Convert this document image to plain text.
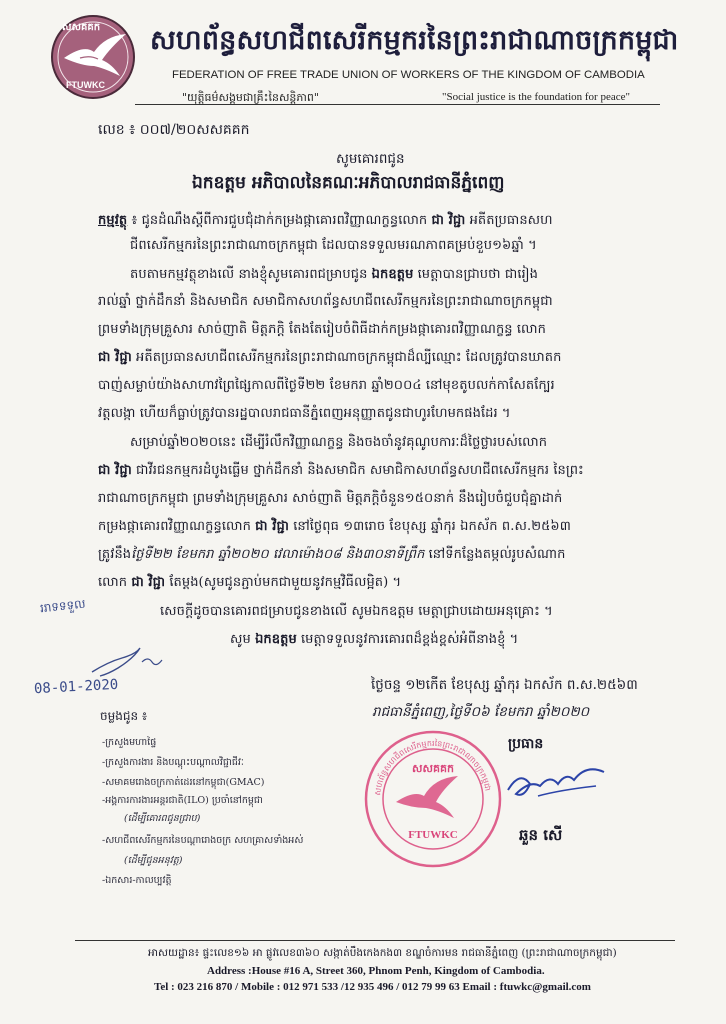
សសគគក
FTUWKC
សហព័ន្ធសហជីពសេរីកម្មករនៃព្រះរាជាណាចក្រកម្ពុជា
FEDERATION OF FREE TRADE UNION OF WORKERS OF THE KINGDOM OF CAMBODIA
"យុត្តិធម៌សង្គមជាគ្រឹះនៃសន្តិភាព"	"Social justice is the foundation for peace"
លេខ ៖ ០០៧/២០សសគគក
សូមគោរពជូន
ឯកឧត្តម អភិបាលនៃគណៈអភិបាលរាជធានីភ្នំពេញ
កម្មវត្ថុ ៖ ជូនដំណឹងស្តីពីការជួបជុំដាក់កម្រងផ្កាគោរពវិញ្ញាណក្ខន្ធលោក ជា វិជ្ជា អតីតប្រធានសហ
ជីពសេរីកម្មករនៃព្រះរាជាណាចក្រកម្ពុជា ដែលបានទទួលមរណភាពគម្រប់ខួប១៦ឆ្នាំ ។
តបតាមកម្មវត្ថុខាងលើ នាងខ្ញុំសូមគោរពជម្រាបជូន ឯកឧត្តម មេត្តាបានជ្រាបថា ជារៀង
រាល់ឆ្នាំ ថ្នាក់ដឹកនាំ និងសមាជិក សមាជិកាសហព័ន្ធសហជីពសេរីកម្មករនៃព្រះរាជាណាចក្រកម្ពុជា
ព្រមទាំងក្រុមគ្រួសារ សាច់ញាតិ មិត្តភក្តិ តែងតែរៀបចំពិធីដាក់កម្រងផ្កាគោរពវិញ្ញាណក្ខន្ធ លោក
ជា វិជ្ជា អតីតប្រធានសហជីពសេរីកម្មករនៃព្រះរាជាណាចក្រកម្ពុជាដ៏ល្បីឈ្មោះ ដែលត្រូវបានឃាតក
បាញ់សម្លាប់យ៉ាងសាហាវព្រៃផ្សៃកាលពីថ្ងៃទី២២ ខែមករា ឆ្នាំ២០០៤ នៅមុខតូបលក់កាសែតក្បែរ
វត្តលង្កា ហើយក៏ធ្លាប់ត្រូវបានរដ្ឋបាលរាជធានីភ្នំពេញអនុញ្ញាតជូនជាហូរហែមកផងដែរ ។
សម្រាប់ឆ្នាំ២០២០នេះ ដើម្បីរំលឹកវិញ្ញាណក្ខន្ធ និងចងចាំនូវគុណូបការៈដ៏ថ្លៃថ្លារបស់លោក
ជា វិជ្ជា ជាវីរជនកម្មករដំបូងធ្លើម ថ្នាក់ដឹកនាំ និងសមាជិក សមាជិកាសហព័ន្ធសហជីពសេរីកម្មករ នៃព្រះ
រាជាណាចក្រកម្ពុជា ព្រមទាំងក្រុមគ្រួសារ សាច់ញាតិ មិត្តភក្តិចំនួន១៥០នាក់ នឹងរៀបចំជួបជុំគ្នាដាក់
កម្រងផ្កាគោរពវិញ្ញាណក្ខន្ធលោក ជា វិជ្ជា នៅថ្ងៃពុធ ១៣រោច ខែបុស្ស ឆ្នាំកុរ ឯកស័ក ព.ស.២៥៦៣
ត្រូវនឹងថ្ងៃទី២២ ខែមករា ឆ្នាំ២០២០ វេលាម៉ោង០៨ និង៣០នាទីព្រឹក នៅទីកន្លែងតម្កល់រូបសំណាក
លោក ជា វិជ្ជា តែម្តង(សូមជូនភ្ជាប់មកជាមួយនូវកម្មវិធីលម្អិត) ។
សេចក្តីដូចបានគោរពជម្រាបជូនខាងលើ សូមឯកឧត្តម មេត្តាជ្រាបដោយអនុគ្រោះ ។
សូម ឯកឧត្តម មេត្តាទទួលនូវការគោរពដ៏ខ្ពង់ខ្ពស់អំពីនាងខ្ញុំ ។
ររាទទទួល
08-01-2020	ថ្ងៃចន្ទ ១២កើត ខែបុស្ស ឆ្នាំកុរ ឯកស័ក ព.ស.២៥៦៣
រាជធានីភ្នំពេញ,ថ្ងៃទី០៦ ខែមករា ឆ្នាំ២០២០
ចម្លងជូន ៖
-ក្រសួងមហាផ្ទៃ
-ក្រសួងការងារ និងបណ្តុះបណ្តាលវិជ្ជាជីវៈ
-សមាគមរោងចក្រកាត់ដេរនៅកម្ពុជា(GMAC)
-អង្គការការងារអន្តរជាតិ(ILO) ប្រចាំនៅកម្ពុជា
(ដើម្បីគោរពជូនជ្រាប)
-សហជីពសេរីកម្មករនៃបណ្តារោងចក្រ សហគ្រាសទាំងអស់
(ដើម្បីជូនអនុវត្ត)
-ឯកសារ-កាលប្បវត្តិ
សហព័ន្ធសហជីពសេរីកម្មករនៃព្រះរាជាណាចក្រកម្ពុជា
សសគគក
FTUWKC
ប្រធាន
ឆួន សើ
អាសយដ្ឋាន៖ ផ្ទះលេខ១៦ អា ផ្លូវលេខ៣៦០ សង្កាត់បឹងកេងកង៣ ខណ្ឌចំការមន រាជធានីភ្នំពេញ (ព្រះរាជាណាចក្រកម្ពុជា)
Address :House #16 A, Street 360, Phnom Penh, Kingdom of Cambodia.
Tel : 023 216 870 / Mobile : 012 971 533 /12 935 496 / 012 79 99 63 Email : ftuwkc@gmail.com
